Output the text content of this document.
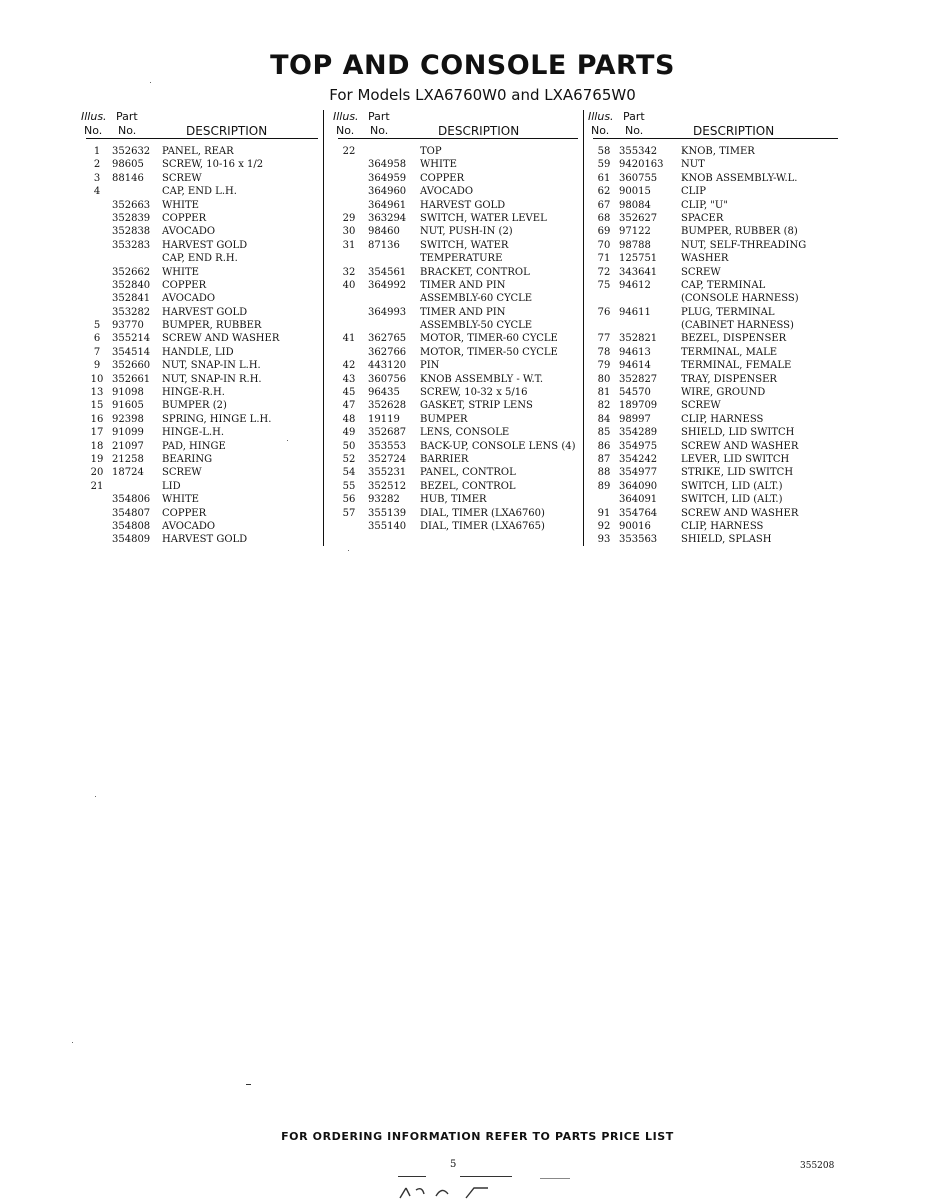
TOP AND CONSOLE PARTS
For Models LXA6760W0 and LXA6765W0
Illus. Part
No. No.	DESCRIPTION
1	352632 PANEL, REAR
2	98605 SCREW, 10-16 x 1/2
3	88146 SCREW
4	CAP, END L.H.
352663 WHITE
352839 COPPER
352838 AVOCADO
353283 HARVEST GOLD
CAP, END R.H.
352662 WHITE
352840 COPPER
352841 AVOCADO
353282 HARVEST GOLD
5	93770 BUMPER, RUBBER
6	355214 SCREW AND WASHER
7	354514 HANDLE, LID
9	352660 NUT, SNAP-IN L.H.
10 352661 NUT, SNAP-IN R.H.
13 91098 HINGE-R.H.
15 91605 BUMPER (2)
16 92398 SPRING, HINGE L.H.
17 91099 HINGE-L.H.
18 21097 PAD, HINGE
19 21258 BEARING
20 18724 SCREW
21	LID
354806 WHITE
354807 COPPER
354808 AVOCADO
354809 HARVEST GOLD
Illus. Part
No. No.	DESCRIPTION
22	TOP
364958 WHITE
364959 COPPER
364960 AVOCADO
364961 HARVEST GOLD
29	363294 SWITCH, WATER LEVEL
30	98460 NUT, PUSH-IN (2)
31	87136 SWITCH, WATER
TEMPERATURE
32	354561 BRACKET, CONTROL
40	364992 TIMER AND PIN
ASSEMBLY-60 CYCLE
364993 TIMER AND PIN
ASSEMBLY-50 CYCLE
41	362765 MOTOR, TIMER-60 CYCLE
362766 MOTOR, TIMER-50 CYCLE
42	443120 PIN
43	360756 KNOB ASSEMBLY - W.T.
45	96435 SCREW, 10-32 x 5/16
47	352628 GASKET, STRIP LENS
48	19119 BUMPER
49	352687 LENS, CONSOLE
50	353553 BACK-UP, CONSOLE LENS (4)
52	352724 BARRIER
54	355231 PANEL, CONTROL
55	352512 BEZEL, CONTROL
56	93282 HUB, TIMER
57	355139 DIAL, TIMER (LXA6760)
355140 DIAL, TIMER (LXA6765)
Illus. Part
No. No.	DESCRIPTION
58 355342 KNOB, TIMER
59 9420163 NUT
61 360755 KNOB ASSEMBLY-W.L.
62 90015	CLIP
67 98084	CLIP, "U"
68 352627 SPACER
69 97122	BUMPER, RUBBER (8)
70 98788	NUT, SELF-THREADING
71 125751 WASHER
72 343641 SCREW
75 94612	CAP, TERMINAL
(CONSOLE HARNESS)
76 94611	PLUG, TERMINAL
(CABINET HARNESS)
77 352821 BEZEL, DISPENSER
78 94613	TERMINAL, MALE
79 94614	TERMINAL, FEMALE
80 352827 TRAY, DISPENSER
81 54570	WIRE, GROUND
82 189709 SCREW
84 98997	CLIP, HARNESS
85 354289 SHIELD, LID SWITCH
86 354975 SCREW AND WASHER
87 354242 LEVER, LID SWITCH
88 354977 STRIKE, LID SWITCH
89 364090 SWITCH, LID (ALT.)
364091 SWITCH, LID (ALT.)
91 354764 SCREW AND WASHER
92 90016	CLIP, HARNESS
93 353563 SHIELD, SPLASH
FOR ORDERING INFORMATION REFER TO PARTS PRICE LIST
5	355208
